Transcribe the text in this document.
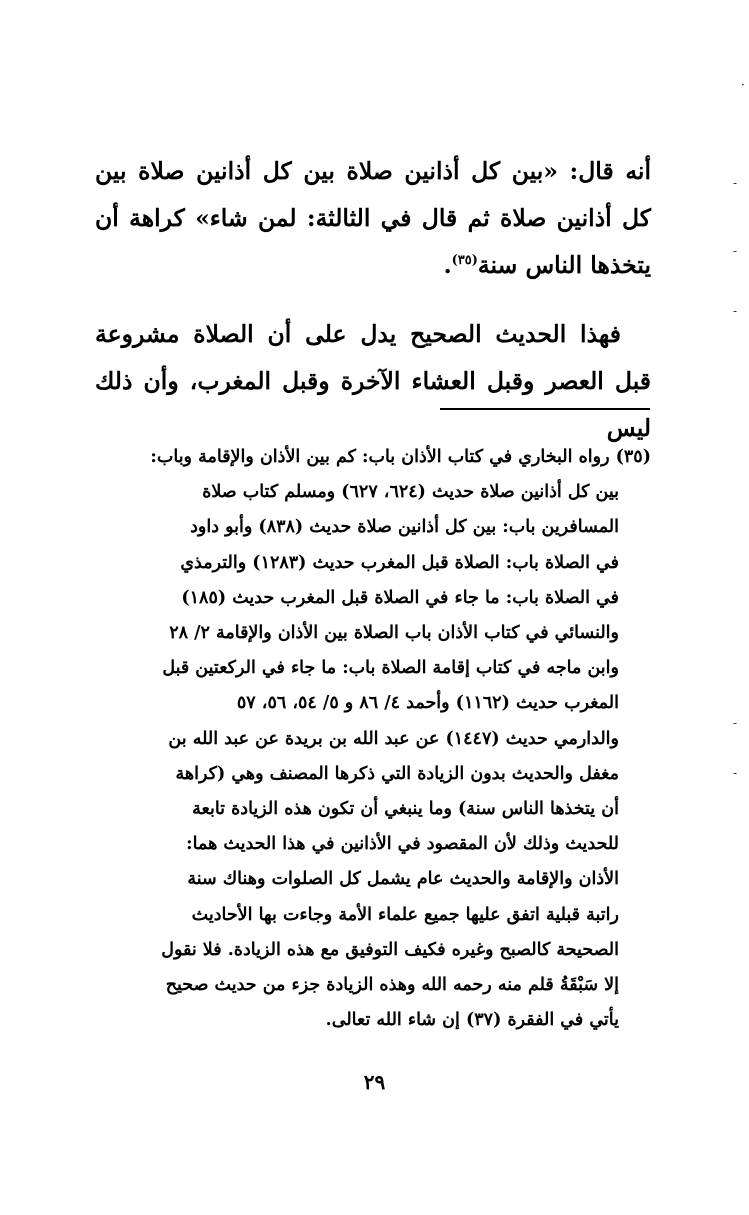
أنه قال: «بين كل أذانين صلاة بين كل أذانين صلاة بين كل أذانين صلاة ثم قال في الثالثة: لمن شاء» كراهة أن يتخذها الناس سنة$^{(٣٥)}$.

فهذا الحديث الصحيح يدل على أن الصلاة مشروعة قبل العصر وقبل العشاء الآخرة وقبل المغرب، وأن ذلك ليس

(٣٥) رواه البخاري في كتاب الأذان باب: كم بين الأذان والإقامة وباب:
بين كل أذانين صلاة حديث (٦٢٤، ٦٢٧) ومسلم كتاب صلاة
المسافرين باب: بين كل أذانين صلاة حديث (٨٣٨) وأبو داود
في الصلاة باب: الصلاة قبل المغرب حديث (١٢٨٣) والترمذي
في الصلاة باب: ما جاء في الصلاة قبل المغرب حديث (١٨٥)
والنسائي في كتاب الأذان باب الصلاة بين الأذان والإقامة ٢/ ٢٨
وابن ماجه في كتاب إقامة الصلاة باب: ما جاء في الركعتين قبل
المغرب حديث (١١٦٢) وأحمد ٤/ ٨٦ و ٥/ ٥٤، ٥٦، ٥٧
والدارمي حديث (١٤٤٧) عن عبد الله بن بريدة عن عبد الله بن
مغفل والحديث بدون الزيادة التي ذكرها المصنف وهي (كراهة
أن يتخذها الناس سنة) وما ينبغي أن تكون هذه الزيادة تابعة
للحديث وذلك لأن المقصود في الأذانين في هذا الحديث هما:
الأذان والإقامة والحديث عام يشمل كل الصلوات وهناك سنة
راتبة قبلية اتفق عليها جميع علماء الأمة وجاءت بها الأحاديث
الصحيحة كالصبح وغيره فكيف التوفيق مع هذه الزيادة. فلا نقول
إلا سَبْقَةُ قلم منه رحمه الله وهذه الزيادة جزء من حديث صحيح
يأتي في الفقرة (٣٧) إن شاء الله تعالى.
٢٩
·
-
-
-
-
-
